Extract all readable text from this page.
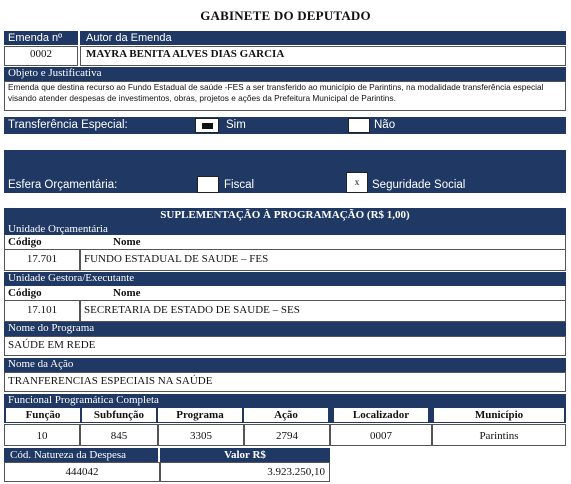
GABINETE DO DEPUTADO
Emenda nº	Autor da Emenda
0002	MAYRA BENITA ALVES DIAS GARCIA
Objeto e Justificativa
Emenda que destina recurso ao Fundo Estadual de saúde -FES a ser transferido ao município de Parintins, na modalidade transferência especial visando atender despesas de investimentos, obras, projetos e ações da Prefeitura Municipal de Parintins.
Transferência Especial:	Sim	Não
Esfera Orçamentária:	Fiscal	x	Seguridade Social
SUPLEMENTAÇÃO À PROGRAMAÇÃO (R$ 1,00)
Unidade Orçamentária
Código	Nome
17.701	FUNDO ESTADUAL DE SAUDE – FES
Unidade Gestora/Executante
Código	Nome
17.101	SECRETARIA DE ESTADO DE SAUDE – SES
Nome do Programa
SAÚDE EM REDE
Nome da Ação
TRANFERENCIAS ESPECIAIS NA SAÚDE
Funcional Programática Completa
Função	Subfunção	Programa	Ação	Localizador	Município
10	845	3305	2794	0007	Parintins
Cód. Natureza da Despesa	Valor R$
444042	3.923.250,10
